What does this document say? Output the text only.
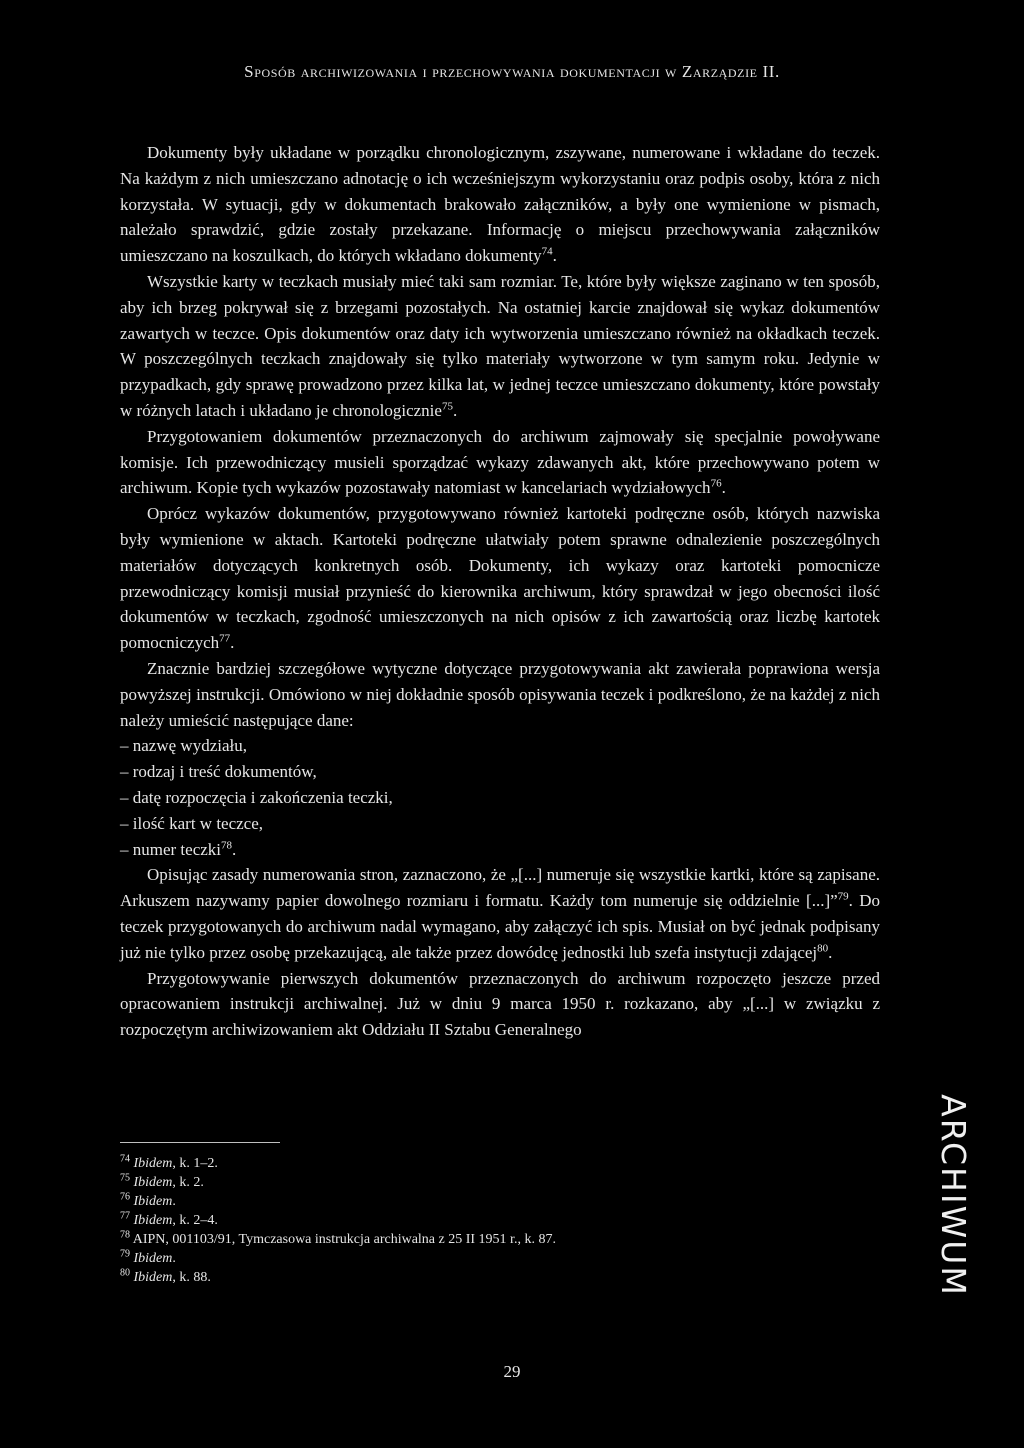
Sposób archiwizowania i przechowywania dokumentacji w Zarządzie II.

Dokumenty były układane w porządku chronologicznym, zszywane, numerowane i wkładane do teczek. Na każdym z nich umieszczano adnotację o ich wcześniejszym wykorzystaniu oraz podpis osoby, która z nich korzystała. W sytuacji, gdy w dokumentach brakowało załączników, a były one wymienione w pismach, należało sprawdzić, gdzie zostały przekazane. Informację o miejscu przechowywania załączników umieszczano na koszulkach, do których wkładano dokumenty$^{74}$.

Wszystkie karty w teczkach musiały mieć taki sam rozmiar. Te, które były większe zaginano w ten sposób, aby ich brzeg pokrywał się z brzegami pozostałych. Na ostatniej karcie znajdował się wykaz dokumentów zawartych w teczce. Opis dokumentów oraz daty ich wytworzenia umieszczano również na okładkach teczek. W poszczególnych teczkach znajdowały się tylko materiały wytworzone w tym samym roku. Jedynie w przypadkach, gdy sprawę prowadzono przez kilka lat, w jednej teczce umieszczano dokumenty, które powstały w różnych latach i układano je chronologicznie$^{75}$.

Przygotowaniem dokumentów przeznaczonych do archiwum zajmowały się specjalnie powoływane komisje. Ich przewodniczący musieli sporządzać wykazy zdawanych akt, które przechowywano potem w archiwum. Kopie tych wykazów pozostawały natomiast w kancelariach wydziałowych$^{76}$.

Oprócz wykazów dokumentów, przygotowywano również kartoteki podręczne osób, których nazwiska były wymienione w aktach. Kartoteki podręczne ułatwiały potem sprawne odnalezienie poszczególnych materiałów dotyczących konkretnych osób. Dokumenty, ich wykazy oraz kartoteki pomocnicze przewodniczący komisji musiał przynieść do kierownika archiwum, który sprawdzał w jego obecności ilość dokumentów w teczkach, zgodność umieszczonych na nich opisów z ich zawartością oraz liczbę kartotek pomocniczych$^{77}$.

Znacznie bardziej szczegółowe wytyczne dotyczące przygotowywania akt zawierała poprawiona wersja powyższej instrukcji. Omówiono w niej dokładnie sposób opisywania teczek i podkreślono, że na każdej z nich należy umieścić następujące dane:

– nazwę wydziału,
– rodzaj i treść dokumentów,
– datę rozpoczęcia i zakończenia teczki,
– ilość kart w teczce,
– numer teczki$^{78}$.

Opisując zasady numerowania stron, zaznaczono, że „[...] numeruje się wszystkie kartki, które są zapisane. Arkuszem nazywamy papier dowolnego rozmiaru i formatu. Każdy tom numeruje się oddzielnie [...]”$^{79}$. Do teczek przygotowanych do archiwum nadal wymagano, aby załączyć ich spis. Musiał on być jednak podpisany już nie tylko przez osobę przekazującą, ale także przez dowódcę jednostki lub szefa instytucji zdającej$^{80}$.

Przygotowywanie pierwszych dokumentów przeznaczonych do archiwum rozpoczęto jeszcze przed opracowaniem instrukcji archiwalnej. Już w dniu 9 marca 1950 r. rozkazano, aby „[...] w związku z rozpoczętym archiwizowaniem akt Oddziału II Sztabu Generalnego

$^{74}$ Ibidem, k. 1–2.
$^{75}$ Ibidem, k. 2.
$^{76}$ Ibidem.
$^{77}$ Ibidem, k. 2–4.
$^{78}$ AIPN, 001103/91, Tymczasowa instrukcja archiwalna z 25 II 1951 r., k. 87.
$^{79}$ Ibidem.
$^{80}$ Ibidem, k. 88.	ARCHIWUM
29
